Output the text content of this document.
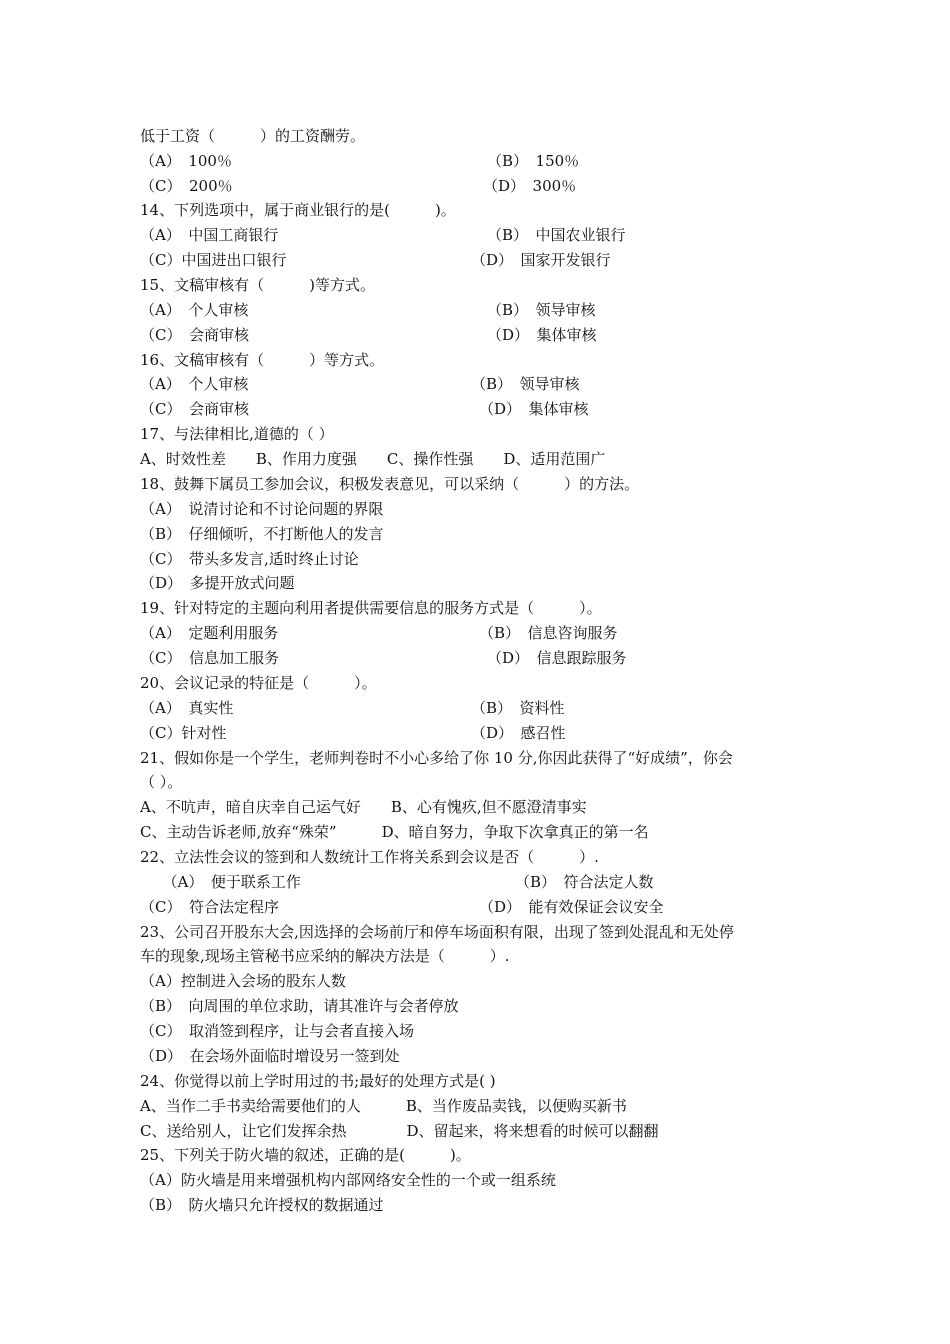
低于工资（　　　）的工资酬劳。
（A）　100％	（B）　150％
（C）　200％	（D）　300％
14、下列选项中，属于商业银行的是(　　　)。
（A）　中国工商银行	（B）　中国农业银行
（C）中国进出口银行	（D）　国家开发银行
15、文稿审核有（　　　)等方式。
（A）　个人审核	（B）　领导审核
（C）　会商审核	（D）　集体审核
16、文稿审核有（　　　）等方式。
（A）　个人审核	（B）　领导审核
（C）　会商审核	（D）　集体审核
17、与法律相比,道德的（ ）
A、时效性差　　B、作用力度强　　C、操作性强　　D、适用范围广
18、鼓舞下属员工参加会议，积极发表意见，可以采纳（　　　）的方法。
（A）　说清讨论和不讨论问题的界限
（B）　仔细倾听，不打断他人的发言
（C）　带头多发言,适时终止讨论
（D）　多提开放式问题
19、针对特定的主题向利用者提供需要信息的服务方式是（　　　）。
（A）　定题利用服务	（B）　信息咨询服务
（C）　信息加工服务	（D）　信息跟踪服务
20、会议记录的特征是（　　　）。
（A）　真实性	（B）　资料性
（C）针对性	（D）　感召性
21、假如你是一个学生，老师判卷时不小心多给了你 10 分,你因此获得了“好成绩”，你会
（ ）。
A、不吭声，暗自庆幸自己运气好　　B、心有愧疚,但不愿澄清事实
C、主动告诉老师,放弃“殊荣”　　　D、暗自努力，争取下次拿真正的第一名
22、立法性会议的签到和人数统计工作将关系到会议是否（　　　）.
　　（A）　便于联系工作	（B）　符合法定人数
（C）　符合法定程序	（D）　能有效保证会议安全
23、公司召开股东大会,因选择的会场前厅和停车场面积有限，出现了签到处混乱和无处停
车的现象,现场主管秘书应采纳的解决方法是（　　　）.
（A）控制进入会场的股东人数
（B）　向周围的单位求助，请其准许与会者停放
（C）　取消签到程序，让与会者直接入场
（D）　在会场外面临时增设另一签到处
24、你觉得以前上学时用过的书;最好的处理方式是( )
A、当作二手书卖给需要他们的人　　　B、当作废品卖钱，以便购买新书
C、送给别人，让它们发挥余热　　　　D、留起来，将来想看的时候可以翻翻
25、下列关于防火墙的叙述，正确的是(　　　)。
（A）防火墙是用来增强机构内部网络安全性的一个或一组系统
（B）　防火墙只允许授权的数据通过
